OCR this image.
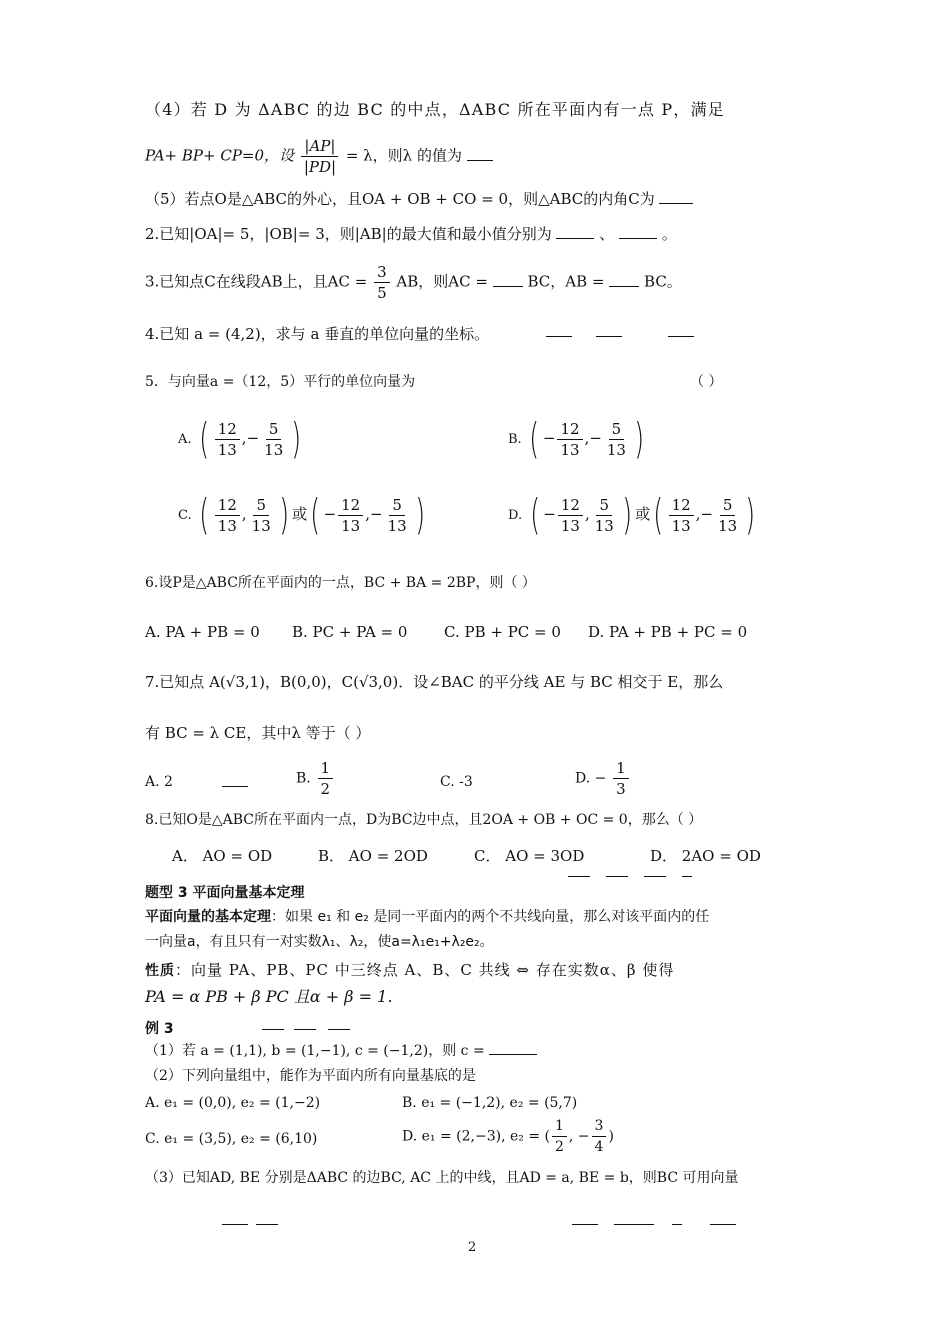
（4）若 D 为 ΔABC 的边 BC 的中点，ΔABC 所在平面内有一点 P，满足
PA+ BP+ CP=0，设 $\frac{|AP|}{|PD|} = \lambda$，则λ 的值为
（5）若点O是△ABC的外心，且OA + OB + CO = 0，则△ABC的内角C为
2.已知|OA|= 5，|OB|= 3，则|AB|的最大值和最小值分别为	、	。
3.已知点C在线段AB上，且AC = $\frac{3}{5}$ AB，则AC =	BC，AB =	BC。
4.已知 a = (4,2)，求与 a 垂直的单位向量的坐标。
5．与向量a =（12，5）平行的单位向量为	（ ）
A. ( $\frac{12}{13}$ ,− $\frac{5}{13}$ )	B. ( − $\frac{12}{13}$ ,− $\frac{5}{13}$ )
C. ( $\frac{12}{13}$ , $\frac{5}{13}$ ) 或( − $\frac{12}{13}$ ,− $\frac{5}{13}$ )	D. ( − $\frac{12}{13}$ , $\frac{5}{13}$ ) 或( $\frac{12}{13}$ ,− $\frac{5}{13}$ )
6.设P是△ABC所在平面内的一点，BC + BA = 2BP，则（ ）
A. PA + PB = 0 B. PC + PA = 0 C. PB + PC = 0 D. PA + PB + PC = 0
7.已知点 A(√3,1)，B(0,0)，C(√3,0)．设∠BAC 的平分线 AE 与 BC 相交于 E，那么
有 BC = λ CE，其中λ 等于（ ）
A. 2	B. $\frac{1}{2}$	C. -3	D. − $\frac{1}{3}$
8.已知O是△ABC所在平面内一点，D为BC边中点，且2OA + OB + OC = 0，那么（ ）
A． AO = OD	B． AO = 2OD	C． AO = 3OD	D． 2AO = OD
题型 3 平面向量基本定理
平面向量的基本定理：如果 e₁ 和 e₂ 是同一平面内的两个不共线向量，那么对该平面内的任
一向量a，有且只有一对实数λ₁、λ₂，使a=λ₁e₁+λ₂e₂。
性质：向量 PA、PB、PC 中三终点 A、B、C 共线 ⇔ 存在实数α、β 使得
PA = α PB + β PC 且α + β = 1．
例 3
（1）若 a = (1,1), b = (1,−1), c = (−1,2)，则 c =
（2）下列向量组中，能作为平面内所有向量基底的是
A. e₁ = (0,0), e₂ = (1,−2)	B. e₁ = (−1,2), e₂ = (5,7)
C. e₁ = (3,5), e₂ = (6,10)	D. e₁ = (2,−3), e₂ = ( $\frac{1}{2}$ , − $\frac{3}{4}$ )
（3）已知AD, BE 分别是ΔABC 的边BC, AC 上的中线，且AD = a, BE = b，则BC 可用向量
2
